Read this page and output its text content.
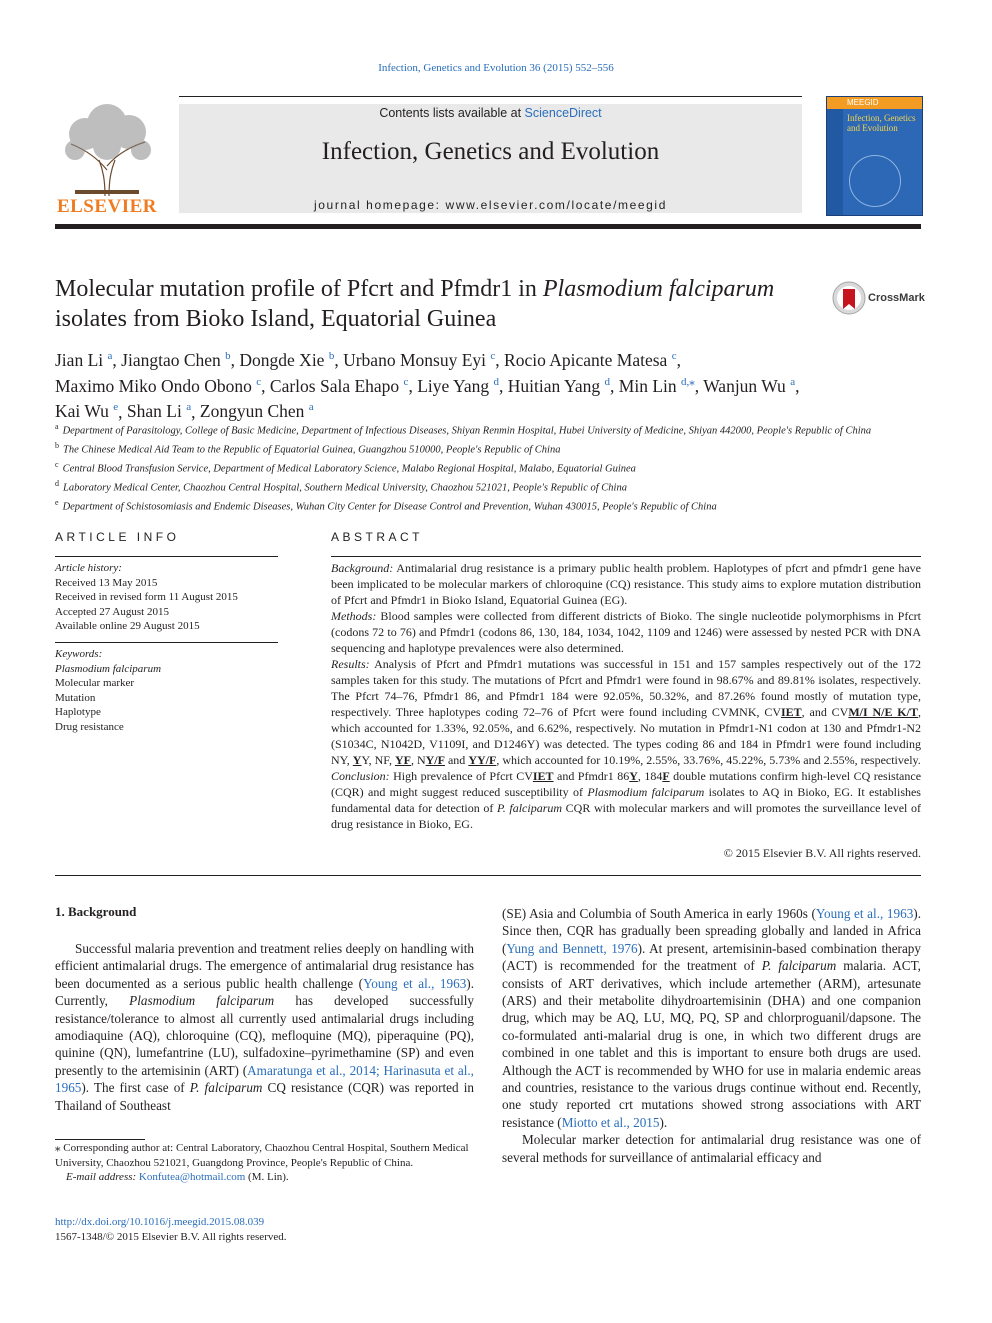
Infection, Genetics and Evolution 36 (2015) 552–556
ELSEVIER
Contents lists available at ScienceDirect
Infection, Genetics and Evolution
journal homepage: www.elsevier.com/locate/meegid
MEEGID
Infection, Genetics and Evolution
Molecular mutation profile of Pfcrt and Pfmdr1 in Plasmodium falciparum
isolates from Bioko Island, Equatorial Guinea
CrossMark
Jian Li $^a$, Jiangtao Chen $^b$, Dongde Xie $^b$, Urbano Monsuy Eyi $^c$, Rocio Apicante Matesa $^c$,
Maximo Miko Ondo Obono $^c$, Carlos Sala Ehapo $^c$, Liye Yang $^d$, Huitian Yang $^d$, Min Lin $^{d,⁎}$, Wanjun Wu $^a$,
Kai Wu $^e$, Shan Li $^a$, Zongyun Chen $^a$
$^a$ Department of Parasitology, College of Basic Medicine, Department of Infectious Diseases, Shiyan Renmin Hospital, Hubei University of Medicine, Shiyan 442000, People's Republic of China
$^b$ The Chinese Medical Aid Team to the Republic of Equatorial Guinea, Guangzhou 510000, People's Republic of China
$^c$ Central Blood Transfusion Service, Department of Medical Laboratory Science, Malabo Regional Hospital, Malabo, Equatorial Guinea
$^d$ Laboratory Medical Center, Chaozhou Central Hospital, Southern Medical University, Chaozhou 521021, People's Republic of China
$^e$ Department of Schistosomiasis and Endemic Diseases, Wuhan City Center for Disease Control and Prevention, Wuhan 430015, People's Republic of China
ARTICLE INFO
Article history:
Received 13 May 2015
Received in revised form 11 August 2015
Accepted 27 August 2015
Available online 29 August 2015
Keywords:
Plasmodium falciparum
Molecular marker
Mutation
Haplotype
Drug resistance
ABSTRACT

Background: Antimalarial drug resistance is a primary public health problem. Haplotypes of pfcrt and pfmdr1 gene have been implicated to be molecular markers of chloroquine (CQ) resistance. This study aims to explore mutation distribution of Pfcrt and Pfmdr1 in Bioko Island, Equatorial Guinea (EG).

Methods: Blood samples were collected from different districts of Bioko. The single nucleotide polymorphisms in Pfcrt (codons 72 to 76) and Pfmdr1 (codons 86, 130, 184, 1034, 1042, 1109 and 1246) were assessed by nested PCR with DNA sequencing and haplotype prevalences were also determined.

Results: Analysis of Pfcrt and Pfmdr1 mutations was successful in 151 and 157 samples respectively out of the 172 samples taken for this study. The mutations of Pfcrt and Pfmdr1 were found in 98.67% and 89.81% isolates, respectively. The Pfcrt 74–76, Pfmdr1 86, and Pfmdr1 184 were 92.05%, 50.32%, and 87.26% found mostly of mutation type, respectively. Three haplotypes coding 72–76 of Pfcrt were found including CVMNK, CVIET, and CVM/I N/E K/T, which accounted for 1.33%, 92.05%, and 6.62%, respectively. No mutation in Pfmdr1-N1 codon at 130 and Pfmdr1-N2 (S1034C, N1042D, V1109I, and D1246Y) was detected. The types coding 86 and 184 in Pfmdr1 were found including NY, YY, NF, YF, NY/F and YY/F, which accounted for 10.19%, 2.55%, 33.76%, 45.22%, 5.73% and 2.55%, respectively.

Conclusion: High prevalence of Pfcrt CVIET and Pfmdr1 86Y, 184F double mutations confirm high-level CQ resistance (CQR) and might suggest reduced susceptibility of Plasmodium falciparum isolates to AQ in Bioko, EG. It establishes fundamental data for detection of P. falciparum CQR with molecular markers and will promotes the surveillance level of drug resistance in Bioko, EG.

© 2015 Elsevier B.V. All rights reserved.
1. Background

Successful malaria prevention and treatment relies deeply on handling with efficient antimalarial drugs. The emergence of antimalarial drug resistance has been documented as a serious public health challenge (Young et al., 1963). Currently, Plasmodium falciparum has developed successfully resistance/tolerance to almost all currently used antimalarial drugs including amodiaquine (AQ), chloroquine (CQ), mefloquine (MQ), piperaquine (PQ), quinine (QN), lumefantrine (LU), sulfadoxine–pyrimethamine (SP) and even presently to the artemisinin (ART) (Amaratunga et al., 2014; Harinasuta et al., 1965). The first case of P. falciparum CQ resistance (CQR) was reported in Thailand of Southeast

(SE) Asia and Columbia of South America in early 1960s (Young et al., 1963). Since then, CQR has gradually been spreading globally and landed in Africa (Yung and Bennett, 1976). At present, artemisinin-based combination therapy (ACT) is recommended for the treatment of P. falciparum malaria. ACT, consists of ART derivatives, which include artemether (ARM), artesunate (ARS) and their metabolite dihydroartemisinin (DHA) and one companion drug, which may be AQ, LU, MQ, PQ, SP and chlorproguanil/dapsone. The co-formulated anti-malarial drug is one, in which two different drugs are combined in one tablet and this is important to ensure both drugs are used. Although the ACT is recommended by WHO for use in malaria endemic areas and countries, resistance to the various drugs continue without end. Recently, one study reported crt mutations showed strong associations with ART resistance (Miotto et al., 2015).

Molecular marker detection for antimalarial drug resistance was one of several methods for surveillance of antimalarial efficacy and

⁎ Corresponding author at: Central Laboratory, Chaozhou Central Hospital, Southern Medical University, Chaozhou 521021, Guangdong Province, People's Republic of China.
E-mail address: Konfutea@hotmail.com (M. Lin).
http://dx.doi.org/10.1016/j.meegid.2015.08.039
1567-1348/© 2015 Elsevier B.V. All rights reserved.
